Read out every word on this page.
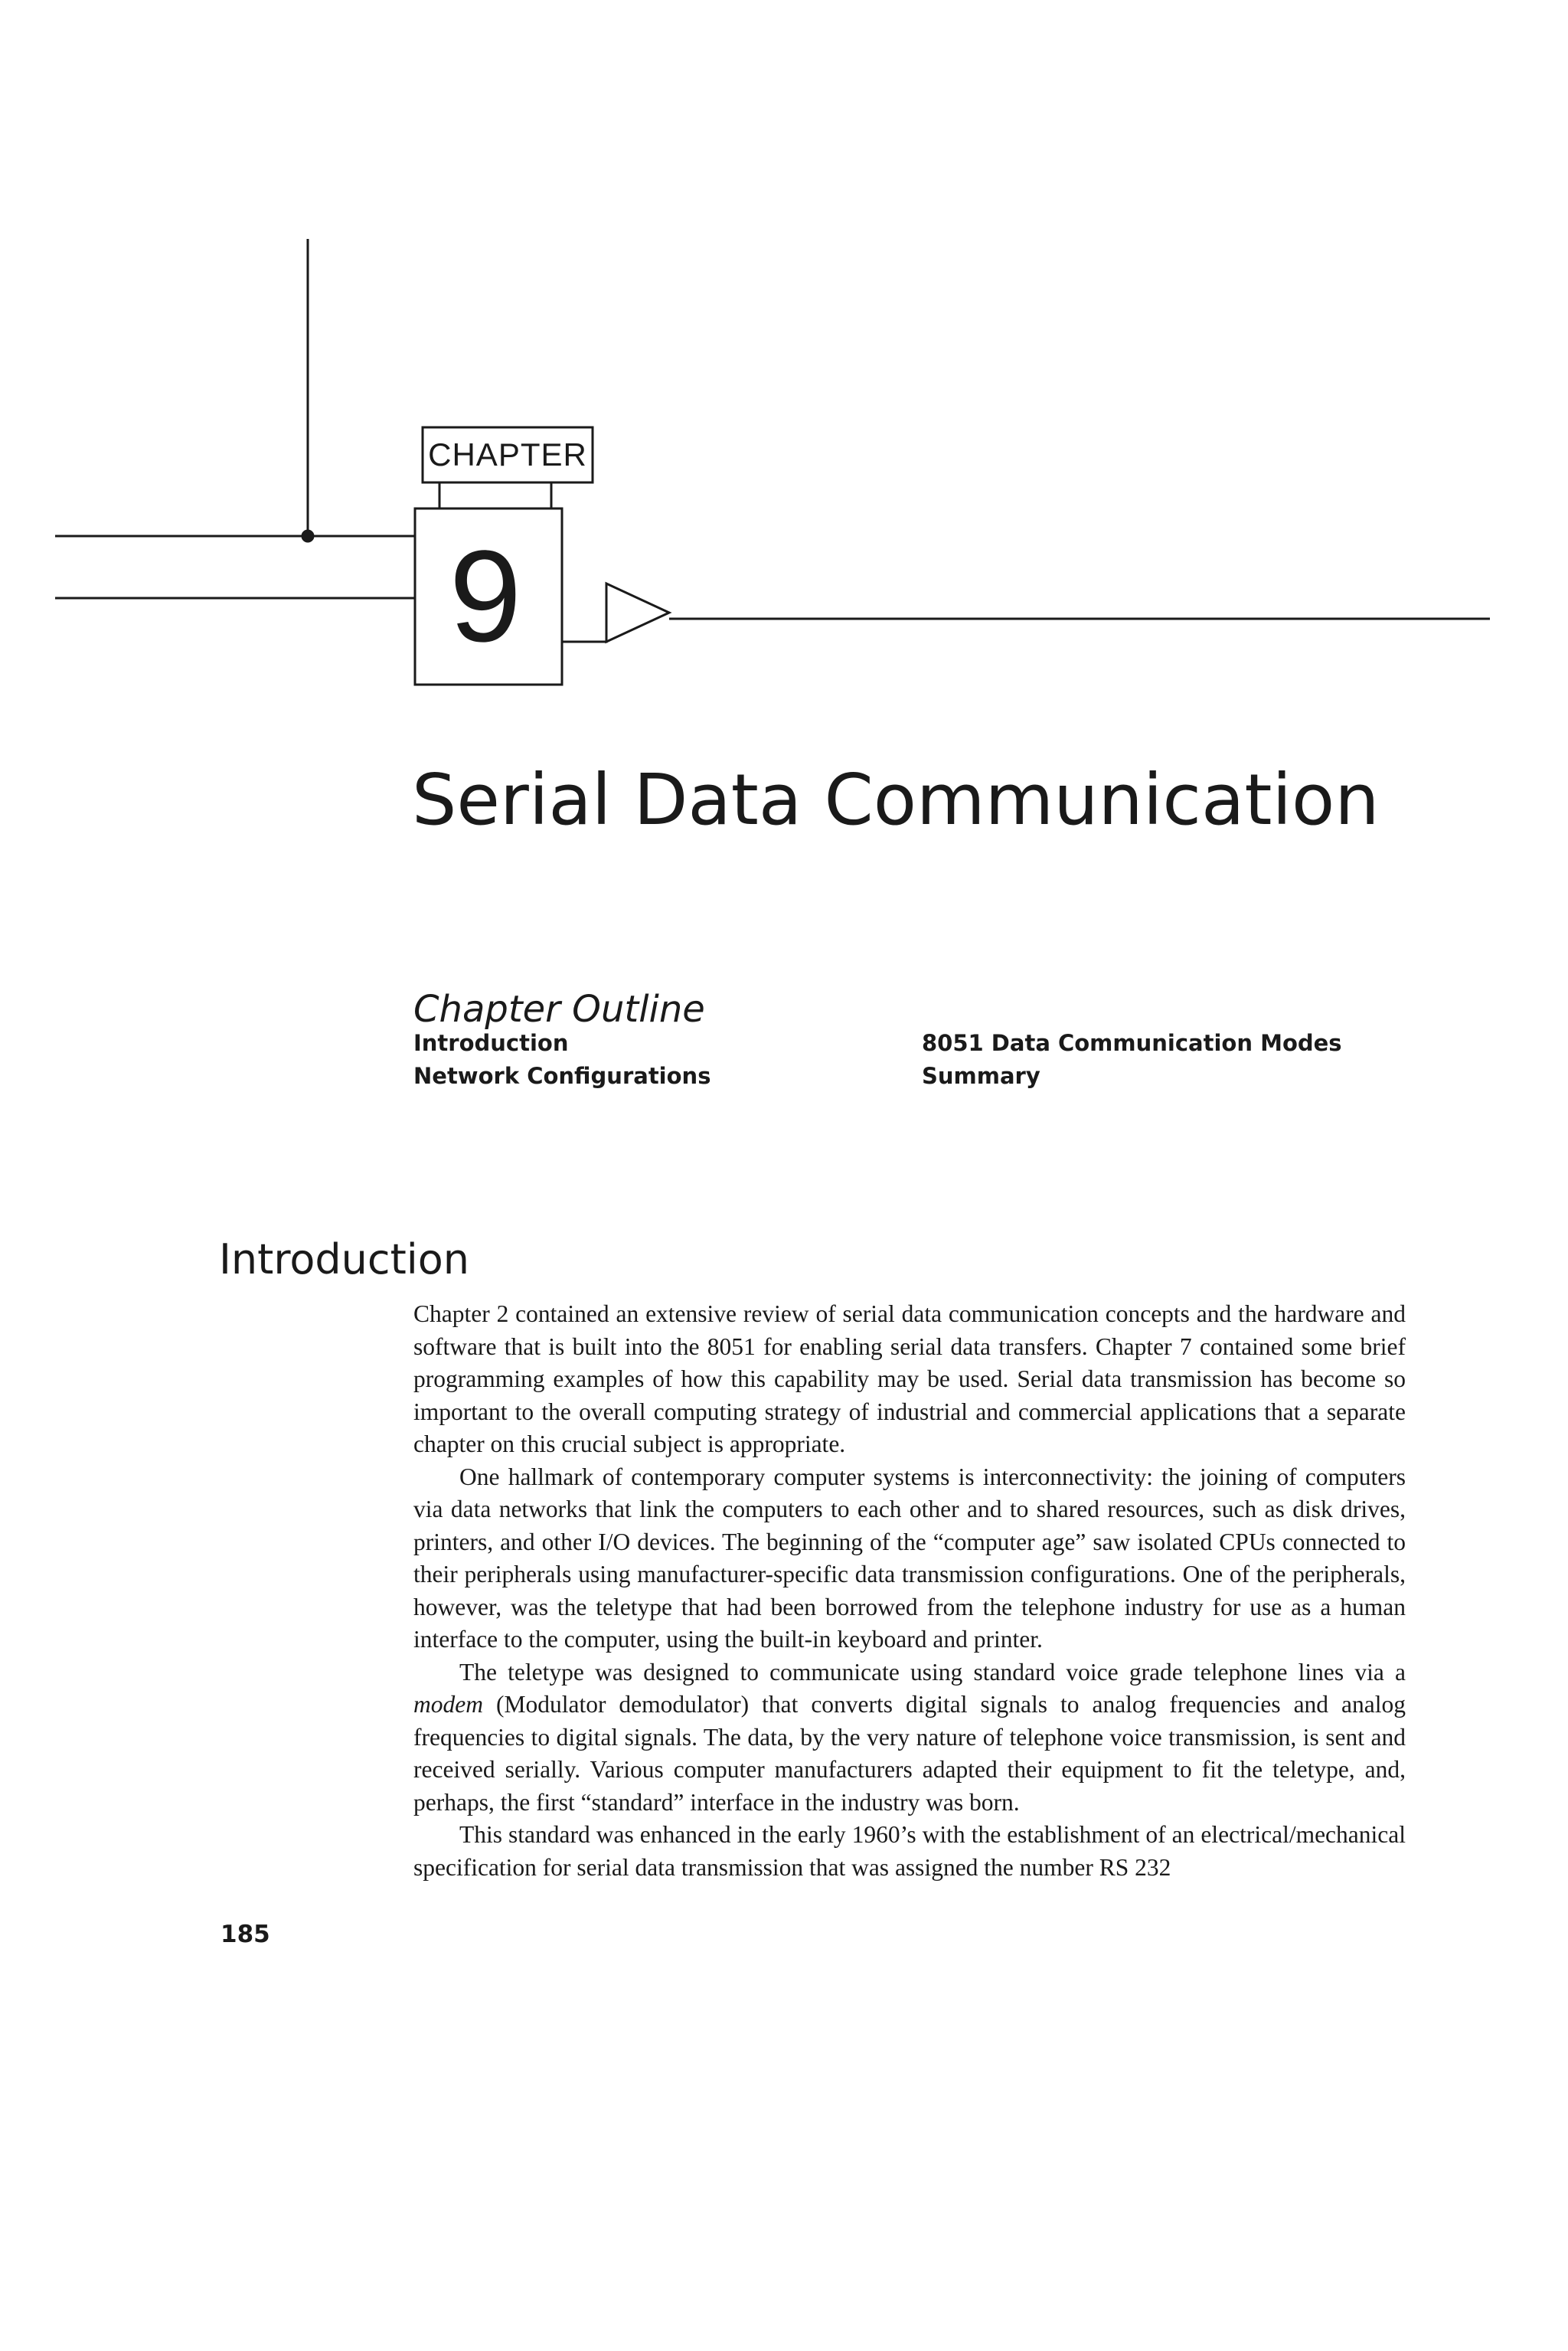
CHAPTER
9
Serial Data Communication
Chapter Outline
Introduction
Network Configurations
8051 Data Communication Modes
Summary
Introduction

Chapter 2 contained an extensive review of serial data communication concepts and the hardware and software that is built into the 8051 for enabling serial data transfers. Chapter 7 contained some brief programming examples of how this capability may be used. Serial data transmission has become so important to the overall computing strategy of industrial and commercial applications that a separate chapter on this crucial subject is appropriate.

One hallmark of contemporary computer systems is interconnectivity: the joining of computers via data networks that link the computers to each other and to shared resources, such as disk drives, printers, and other I/O devices. The beginning of the “computer age” saw isolated CPUs connected to their peripherals using manufacturer-specific data transmission configurations. One of the peripherals, however, was the teletype that had been borrowed from the telephone industry for use as a human interface to the computer, using the built-in keyboard and printer.

The teletype was designed to communicate using standard voice grade telephone lines via a modem (Modulator demodulator) that converts digital signals to analog frequencies and analog frequencies to digital signals. The data, by the very nature of telephone voice transmission, is sent and received serially. Various computer manufacturers adapted their equipment to fit the teletype, and, perhaps, the first “standard” interface in the industry was born.

This standard was enhanced in the early 1960’s with the establishment of an electrical/mechanical specification for serial data transmission that was assigned the number RS 232

185
